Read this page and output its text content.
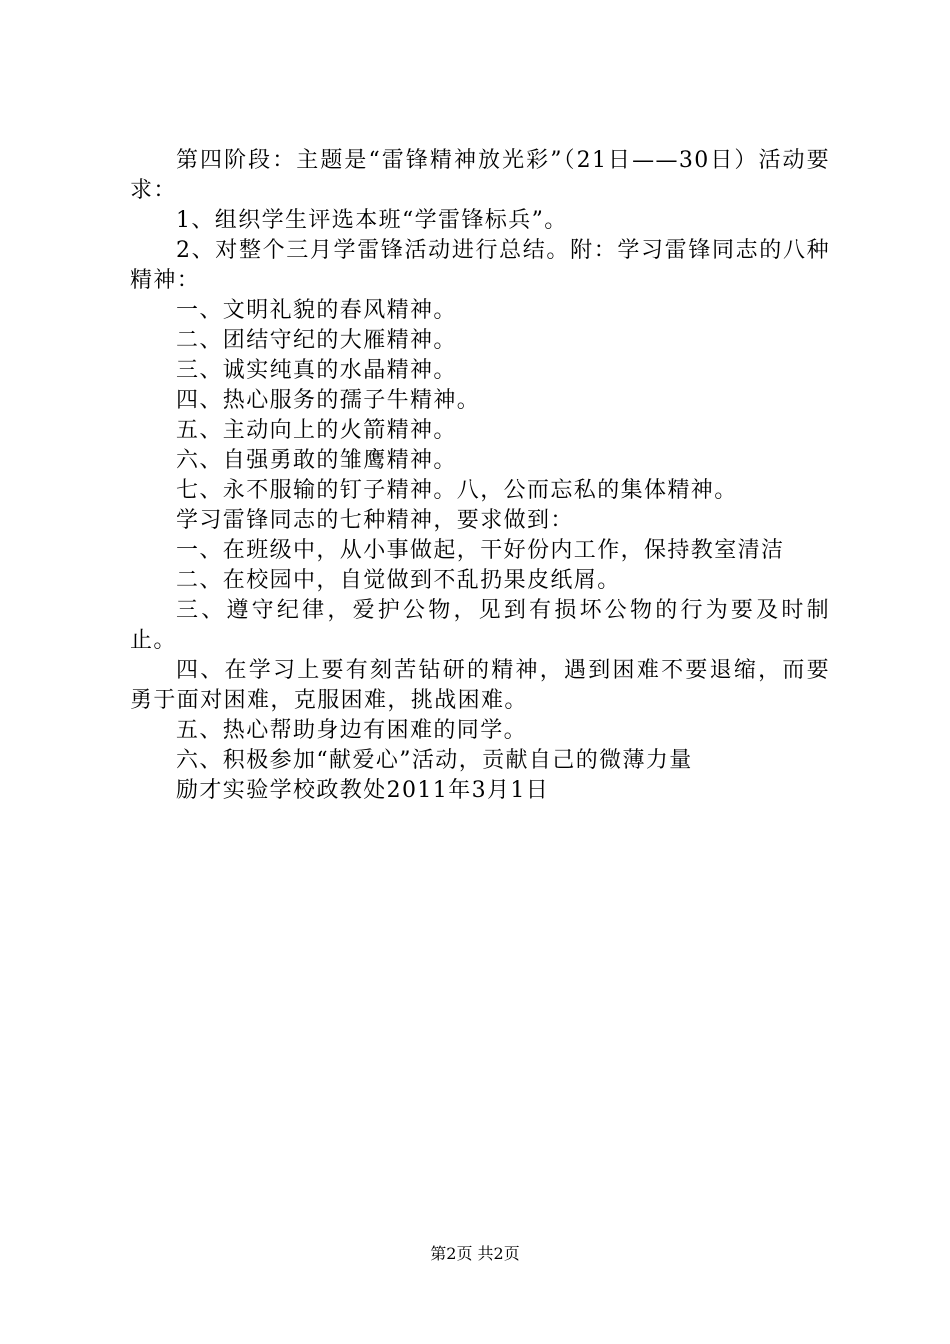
第四阶段：主题是“雷锋精神放光彩”（21日——30日）活动要求：

1、组织学生评选本班“学雷锋标兵”。

2、对整个三月学雷锋活动进行总结。附：学习雷锋同志的八种精神：

一、文明礼貌的春风精神。

二、团结守纪的大雁精神。

三、诚实纯真的水晶精神。

四、热心服务的孺子牛精神。

五、主动向上的火箭精神。

六、自强勇敢的雏鹰精神。

七、永不服输的钉子精神。八，公而忘私的集体精神。

学习雷锋同志的七种精神，要求做到：

一、在班级中，从小事做起，干好份内工作，保持教室清洁

二、在校园中，自觉做到不乱扔果皮纸屑。

三、遵守纪律，爱护公物，见到有损坏公物的行为要及时制止。

四、在学习上要有刻苦钻研的精神，遇到困难不要退缩，而要勇于面对困难，克服困难，挑战困难。

五、热心帮助身边有困难的同学。

六、积极参加“献爱心”活动，贡献自己的微薄力量

励才实验学校政教处2011年3月1日

第2页 共2页
